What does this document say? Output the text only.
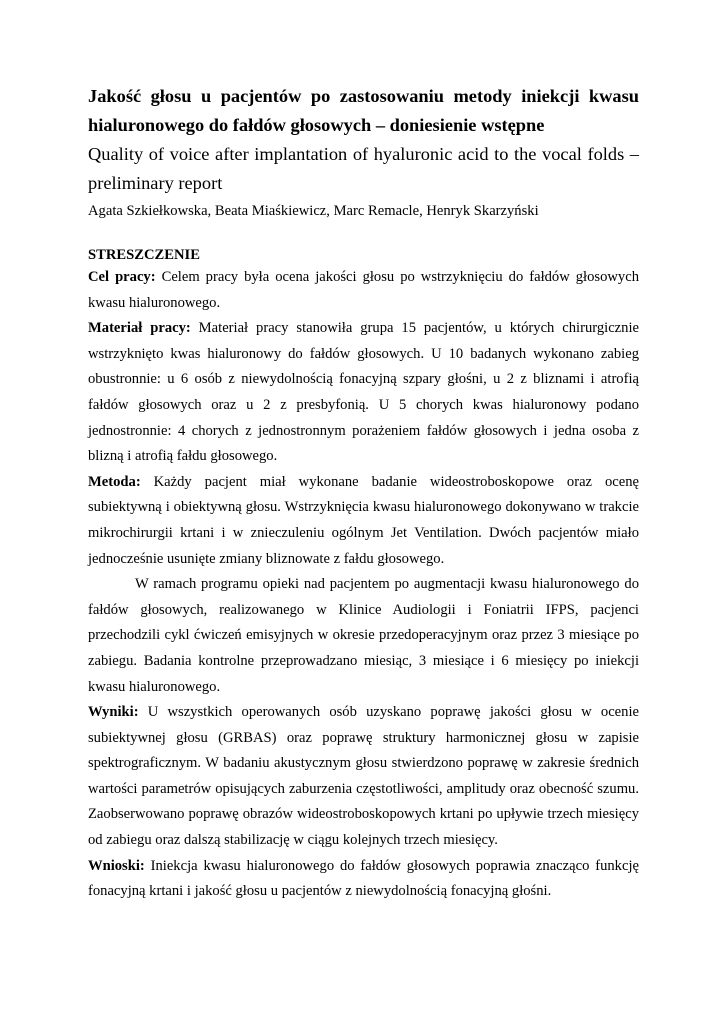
Jakość głosu u pacjentów po zastosowaniu metody iniekcji kwasu hialuronowego do fałdów głosowych – doniesienie wstępne

Quality of voice after implantation of hyaluronic acid to the vocal folds – preliminary report

Agata Szkiełkowska, Beata Miaśkiewicz, Marc Remacle, Henryk Skarzyński

STRESZCZENIE

Cel pracy: Celem pracy była ocena jakości głosu po wstrzyknięciu do fałdów głosowych kwasu hialuronowego.

Materiał pracy: Materiał pracy stanowiła grupa 15 pacjentów, u których chirurgicznie wstrzyknięto kwas hialuronowy do fałdów głosowych. U 10 badanych wykonano zabieg obustronnie: u 6 osób z niewydolnością fonacyjną szpary głośni, u 2 z bliznami i atrofią fałdów głosowych oraz u 2 z presbyfonią. U 5 chorych kwas hialuronowy podano jednostronnie: 4 chorych z jednostronnym porażeniem fałdów głosowych i jedna osoba z blizną i atrofią fałdu głosowego.

Metoda: Każdy pacjent miał wykonane badanie wideostroboskopowe oraz ocenę subiektywną i obiektywną głosu. Wstrzyknięcia kwasu hialuronowego dokonywano w trakcie mikrochirurgii krtani i w znieczuleniu ogólnym Jet Ventilation. Dwóch pacjentów miało jednocześnie usunięte zmiany bliznowate z fałdu głosowego.

W ramach programu opieki nad pacjentem po augmentacji kwasu hialuronowego do fałdów głosowych, realizowanego w Klinice Audiologii i Foniatrii IFPS, pacjenci przechodzili cykl ćwiczeń emisyjnych w okresie przedoperacyjnym oraz przez 3 miesiące po zabiegu. Badania kontrolne przeprowadzano miesiąc, 3 miesiące i 6 miesięcy po iniekcji kwasu hialuronowego.

Wyniki: U wszystkich operowanych osób uzyskano poprawę jakości głosu w ocenie subiektywnej głosu (GRBAS) oraz poprawę struktury harmonicznej głosu w zapisie spektrograficznym. W badaniu akustycznym głosu stwierdzono poprawę w zakresie średnich wartości parametrów opisujących zaburzenia częstotliwości, amplitudy oraz obecność szumu. Zaobserwowano poprawę obrazów wideostroboskopowych krtani po upływie trzech miesięcy od zabiegu oraz dalszą stabilizację w ciągu kolejnych trzech miesięcy.

Wnioski: Iniekcja kwasu hialuronowego do fałdów głosowych poprawia znacząco funkcję fonacyjną krtani i jakość głosu u pacjentów z niewydolnością fonacyjną głośni.
